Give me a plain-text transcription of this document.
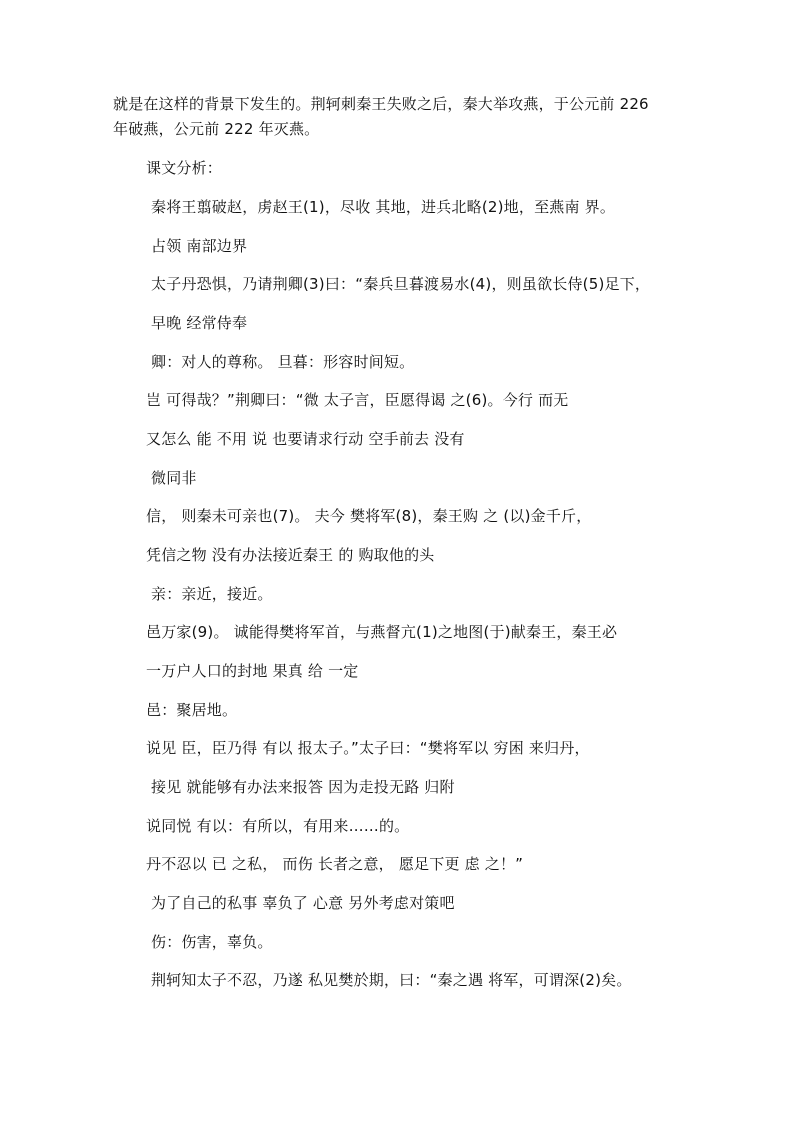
就是在这样的背景下发生的。荆轲刺秦王失败之后，秦大举攻燕，于公元前 226
年破燕，公元前 222 年灭燕。
课文分析：
秦将王翦破赵，虏赵王(1)，尽收 其地，进兵北略(2)地，至燕南 界。
占领 南部边界
太子丹恐惧，乃请荆卿(3)曰：“秦兵旦暮渡易水(4)，则虽欲长侍(5)足下，
早晚 经常侍奉
卿：对人的尊称。 旦暮：形容时间短。
岂 可得哉？”荆卿曰：“微 太子言，臣愿得谒 之(6)。今行 而无
又怎么 能 不用 说 也要请求行动 空手前去 没有
微同非
信， 则秦未可亲也(7)。 夫今 樊将军(8)，秦王购 之 (以)金千斤，
凭信之物 没有办法接近秦王 的 购取他的头
亲：亲近，接近。
邑万家(9)。 诚能得樊将军首，与燕督亢(1)之地图(于)献秦王，秦王必
一万户人口的封地 果真 给 一定
邑：聚居地。
说见 臣，臣乃得 有以 报太子。”太子曰：“樊将军以 穷困 来归丹，
接见 就能够有办法来报答 因为走投无路 归附
说同悦 有以：有所以，有用来……的。
丹不忍以 已 之私， 而伤 长者之意， 愿足下更 虑 之！”
为了自己的私事 辜负了 心意 另外考虑对策吧
伤：伤害，辜负。
荆轲知太子不忍，乃遂 私见樊於期，曰：“秦之遇 将军，可谓深(2)矣。
